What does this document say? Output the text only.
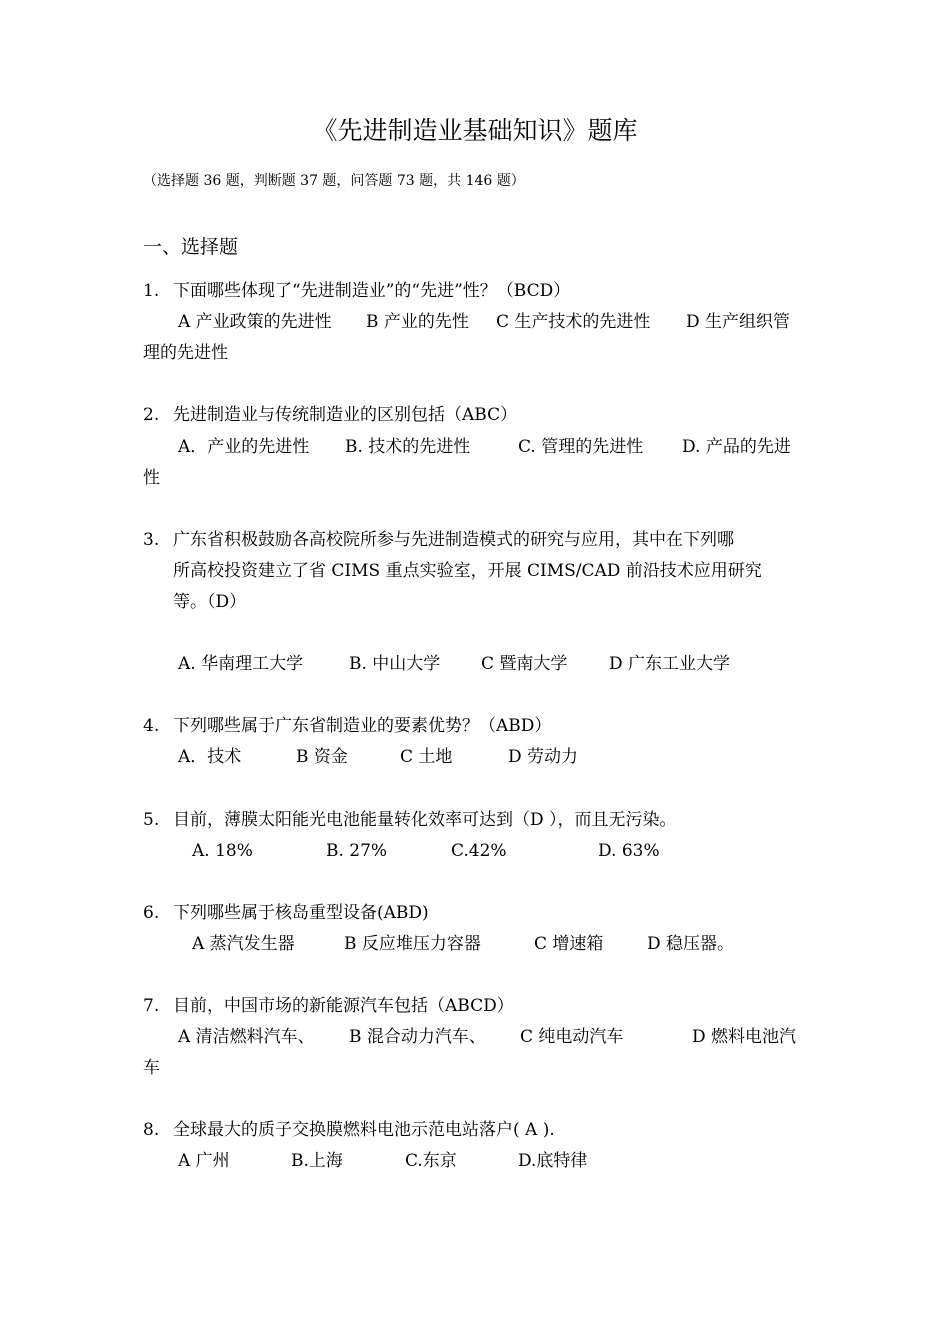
《先进制造业基础知识》题库
（选择题 36 题，判断题 37 题，问答题 73 题，共 146 题）
一、选择题
1. 下面哪些体现了“先进制造业”的“先进”性？（BCD）
A 产业政策的先进性 B 产业的先性 C 生产技术的先进性 D 生产组织管
理的先进性
2. 先进制造业与传统制造业的区别包括（ABC）
A．产业的先进性 B. 技术的先进性	C. 管理的先进性 D. 产品的先进
性
3. 广东省积极鼓励各高校院所参与先进制造模式的研究与应用，其中在下列哪
所高校投资建立了省 CIMS 重点实验室，开展 CIMS/CAD 前沿技术应用研究
等。（D）
A. 华南理工大学	B. 中山大学 C 暨南大学 D 广东工业大学
4. 下列哪些属于广东省制造业的要素优势？（ABD）
A．技术	B 资金	C 土地	D 劳动力
5. 目前，薄膜太阳能光电池能量转化效率可达到（D ），而且无污染。
A. 18%	B. 27%	C.42%	D. 63%
6. 下列哪些属于核岛重型设备(ABD)
A 蒸汽发生器	B 反应堆压力容器	C 增速箱	D 稳压器。
7. 目前，中国市场的新能源汽车包括（ABCD）
A 清洁燃料汽车、 B 混合动力汽车、 C 纯电动汽车	D 燃料电池汽
车
8. 全球最大的质子交换膜燃料电池示范电站落户( A ).
A 广州	B.上海	C.东京	D.底特律
